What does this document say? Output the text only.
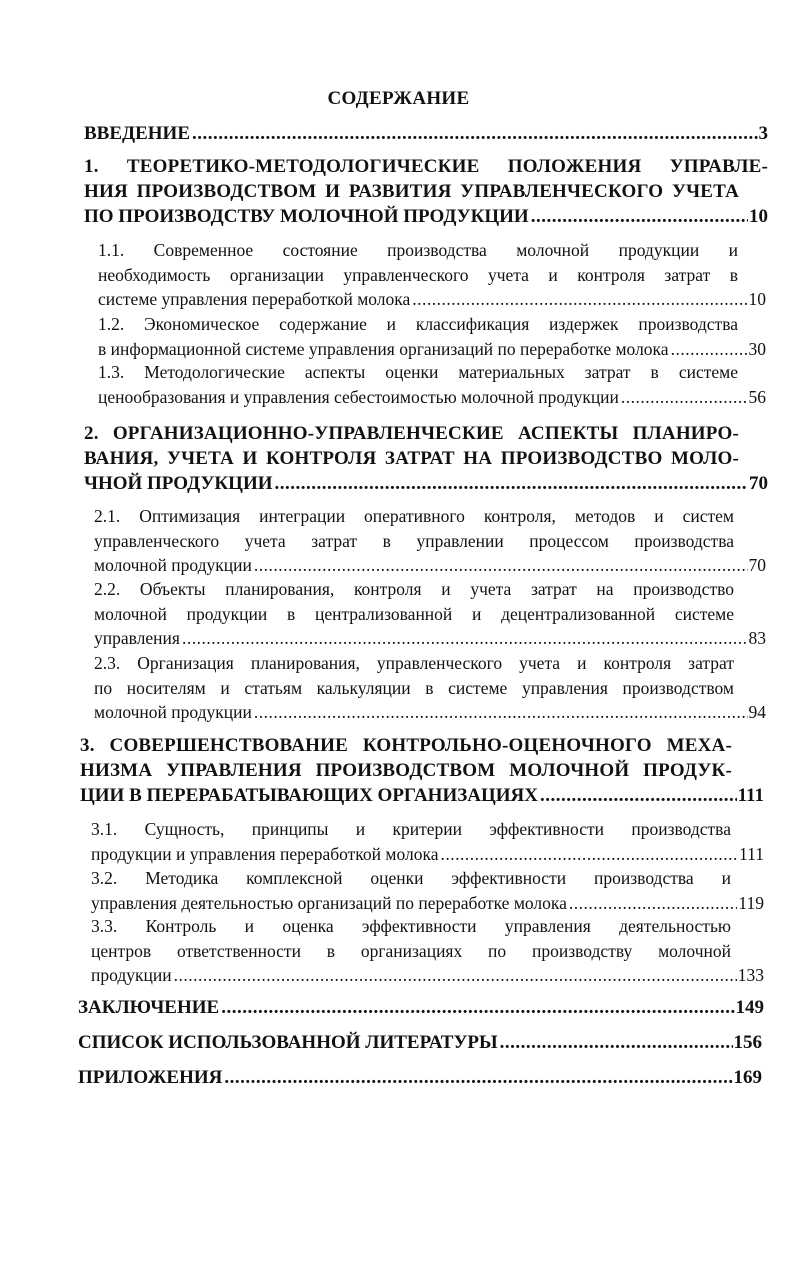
СОДЕРЖАНИЕ
ВВЕДЕНИЕ .....	3
1. ТЕОРЕТИКО-МЕТОДОЛОГИЧЕСКИЕ ПОЛОЖЕНИЯ УПРАВЛЕ-
НИЯ ПРОИЗВОДСТВОМ И РАЗВИТИЯ УПРАВЛЕНЧЕСКОГО УЧЕТА
ПО ПРОИЗВОДСТВУ МОЛОЧНОЙ ПРОДУКЦИИ .....	10
1.1. Современное состояние производства молочной продукции и
необходимость организации управленческого учета и контроля затрат в
системе управления переработкой молока .....	10
1.2. Экономическое содержание и классификация издержек производства
в информационной системе управления организаций по переработке молока .....	30
1.3. Методологические аспекты оценки материальных затрат в системе
ценообразования и управления себестоимостью молочной продукции .....	56
2. ОРГАНИЗАЦИОННО-УПРАВЛЕНЧЕСКИЕ АСПЕКТЫ ПЛАНИРО-
ВАНИЯ, УЧЕТА И КОНТРОЛЯ ЗАТРАТ НА ПРОИЗВОДСТВО МОЛО-
ЧНОЙ ПРОДУКЦИИ .....	70
2.1. Оптимизация интеграции оперативного контроля, методов и систем
управленческого учета затрат в управлении процессом производства
молочной продукции .....	70
2.2. Объекты планирования, контроля и учета затрат на производство
молочной продукции в централизованной и децентрализованной системе
управления .....	83
2.3. Организация планирования, управленческого учета и контроля затрат
по носителям и статьям калькуляции в системе управления производством
молочной продукции .....	94
3. СОВЕРШЕНСТВОВАНИЕ КОНТРОЛЬНО-ОЦЕНОЧНОГО МЕХА-
НИЗМА УПРАВЛЕНИЯ ПРОИЗВОДСТВОМ МОЛОЧНОЙ ПРОДУК-
ЦИИ В ПЕРЕРАБАТЫВАЮЩИХ ОРГАНИЗАЦИЯХ .....	111
3.1. Сущность, принципы и критерии эффективности производства
продукции и управления переработкой молока .....	111
3.2. Методика комплексной оценки эффективности производства и
управления деятельностью организаций по переработке молока .....	119
3.3. Контроль и оценка эффективности управления деятельностью
центров ответственности в организациях по производству молочной
продукции .....	133
ЗАКЛЮЧЕНИЕ .....	149
СПИСОК ИСПОЛЬЗОВАННОЙ ЛИТЕРАТУРЫ .....	156
ПРИЛОЖЕНИЯ .....	169
